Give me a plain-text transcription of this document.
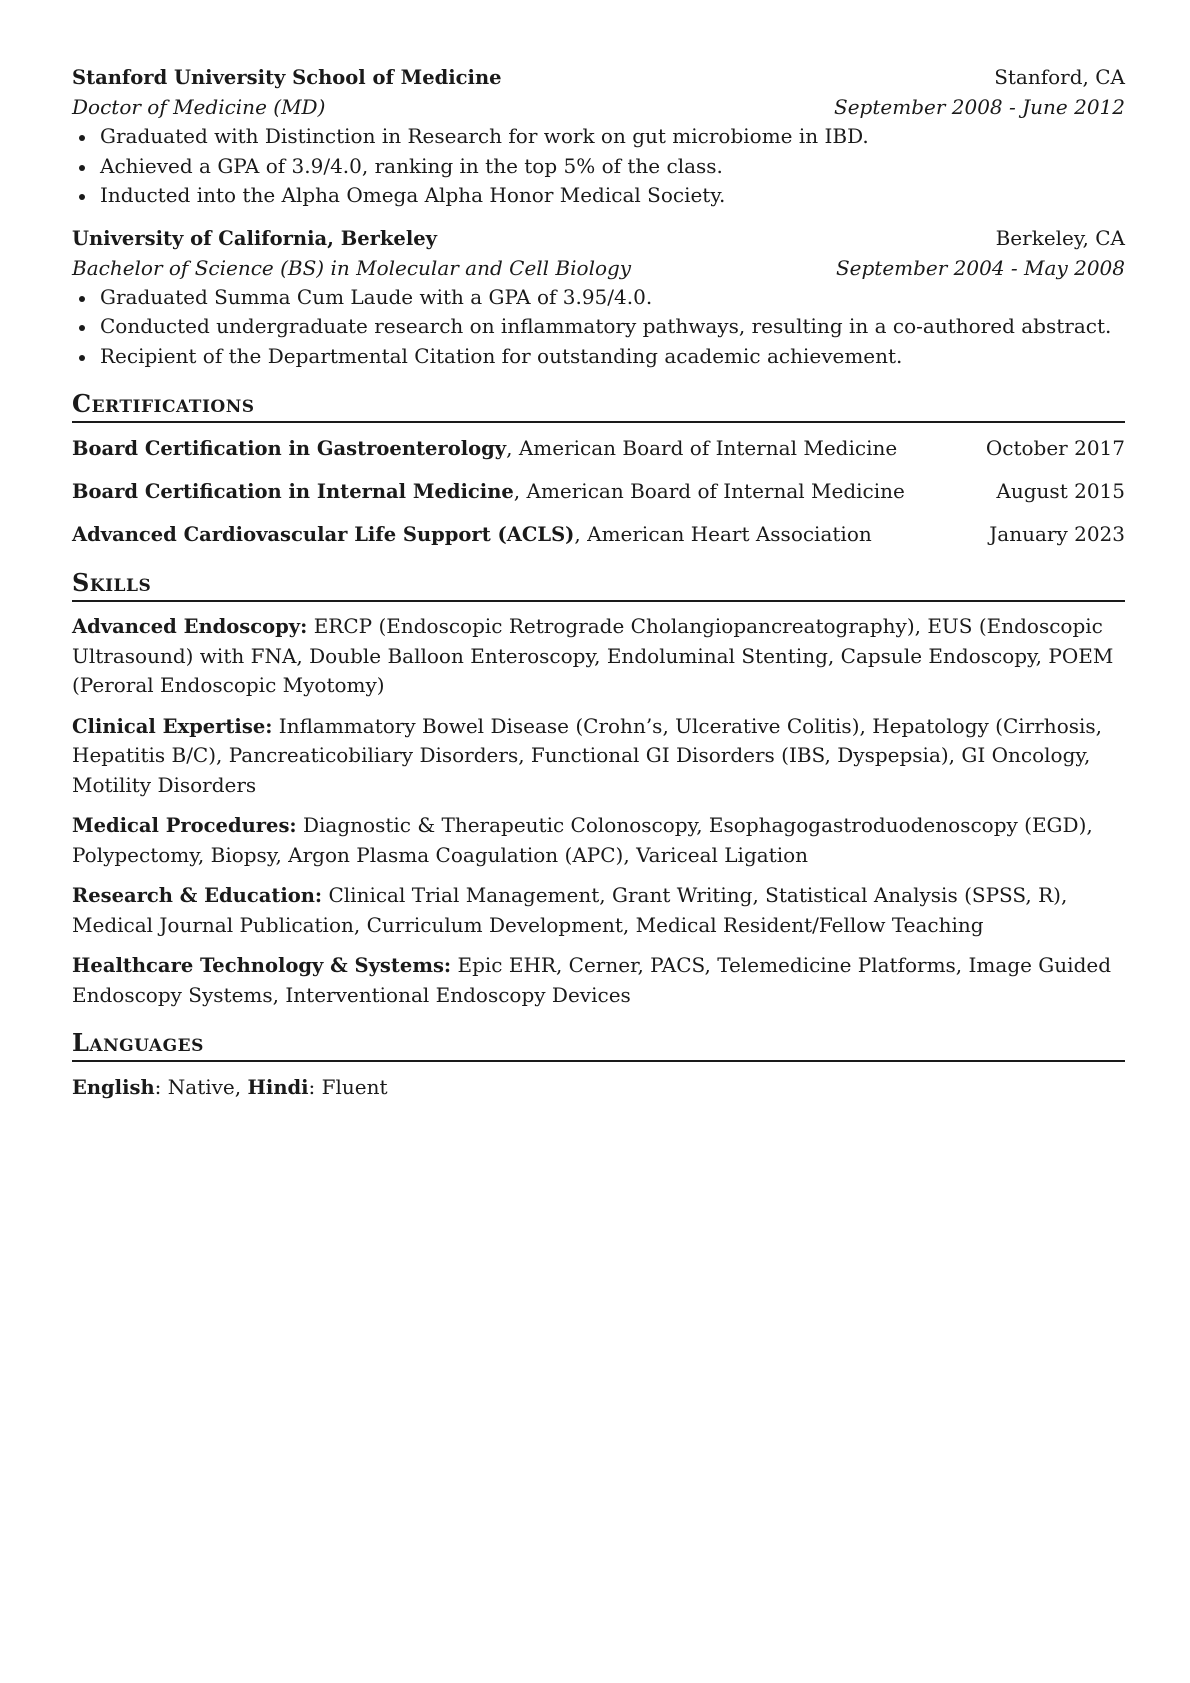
Stanford University School of Medicine	Stanford, CA
Doctor of Medicine (MD)	September 2008 - June 2012
Graduated with Distinction in Research for work on gut microbiome in IBD.
Achieved a GPA of 3.9/4.0, ranking in the top 5% of the class.
Inducted into the Alpha Omega Alpha Honor Medical Society.
University of California, Berkeley	Berkeley, CA
Bachelor of Science (BS) in Molecular and Cell Biology	September 2004 - May 2008
Graduated Summa Cum Laude with a GPA of 3.95/4.0.
Conducted undergraduate research on inflammatory pathways, resulting in a co-authored abstract.
Recipient of the Departmental Citation for outstanding academic achievement.
Certifications
Board Certification in Gastroenterology, American Board of Internal Medicine	October 2017
Board Certification in Internal Medicine, American Board of Internal Medicine	August 2015
Advanced Cardiovascular Life Support (ACLS), American Heart Association	January 2023
Skills

Advanced Endoscopy: ERCP (Endoscopic Retrograde Cholangiopancreatography), EUS (Endoscopic Ultrasound) with FNA, Double Balloon Enteroscopy, Endoluminal Stenting, Capsule Endoscopy, POEM (Peroral Endoscopic Myotomy)

Clinical Expertise: Inflammatory Bowel Disease (Crohn’s, Ulcerative Colitis), Hepatology (Cirrhosis, Hepatitis B/C), Pancreaticobiliary Disorders, Functional GI Disorders (IBS, Dyspepsia), GI Oncology, Motility Disorders

Medical Procedures: Diagnostic & Therapeutic Colonoscopy, Esophagogastroduodenoscopy (EGD), Polypectomy, Biopsy, Argon Plasma Coagulation (APC), Variceal Ligation

Research & Education: Clinical Trial Management, Grant Writing, Statistical Analysis (SPSS, R), Medical Journal Publication, Curriculum Development, Medical Resident/Fellow Teaching

Healthcare Technology & Systems: Epic EHR, Cerner, PACS, Telemedicine Platforms, Image Guided Endoscopy Systems, Interventional Endoscopy Devices

Languages
English: Native, Hindi: Fluent
